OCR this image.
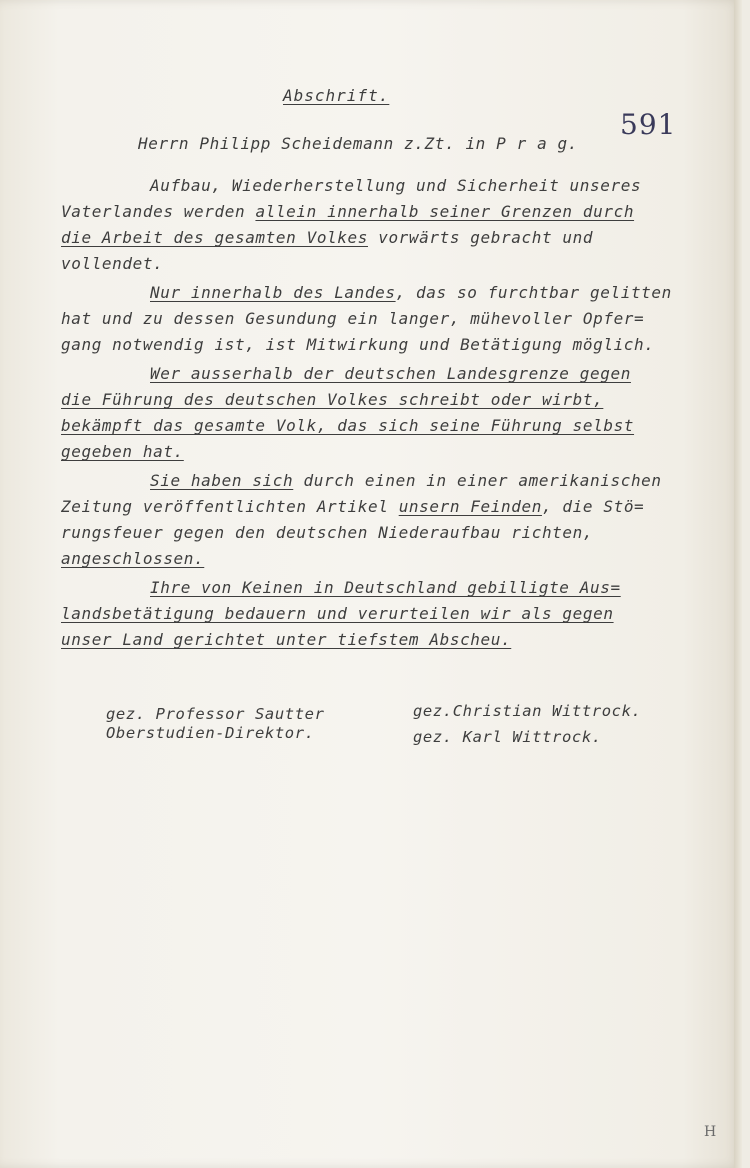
Abschrift.
591
Herrn Philipp Scheidemann z.Zt. in P r a g.
Aufbau, Wiederherstellung und Sicherheit unseres
Vaterlandes werden allein innerhalb seiner Grenzen durch
die Arbeit des gesamten Volkes vorwärts gebracht und
vollendet.
Nur innerhalb des Landes, das so furchtbar gelitten
hat und zu dessen Gesundung ein langer, mühevoller Opfer=
gang notwendig ist, ist Mitwirkung und Betätigung möglich.
Wer ausserhalb der deutschen Landesgrenze gegen
die Führung des deutschen Volkes schreibt oder wirbt,
bekämpft das gesamte Volk, das sich seine Führung selbst
gegeben hat.
Sie haben sich durch einen in einer amerikanischen
Zeitung veröffentlichten Artikel unsern Feinden, die Stö=
rungsfeuer gegen den deutschen Niederaufbau richten,
angeschlossen.
Ihre von Keinen in Deutschland gebilligte Aus=
landsbetätigung bedauern und verurteilen wir als gegen
unser Land gerichtet unter tiefstem Abscheu.
gez. Professor Sautter
Oberstudien-Direktor.
gez.Christian Wittrock.
gez. Karl Wittrock.
H
